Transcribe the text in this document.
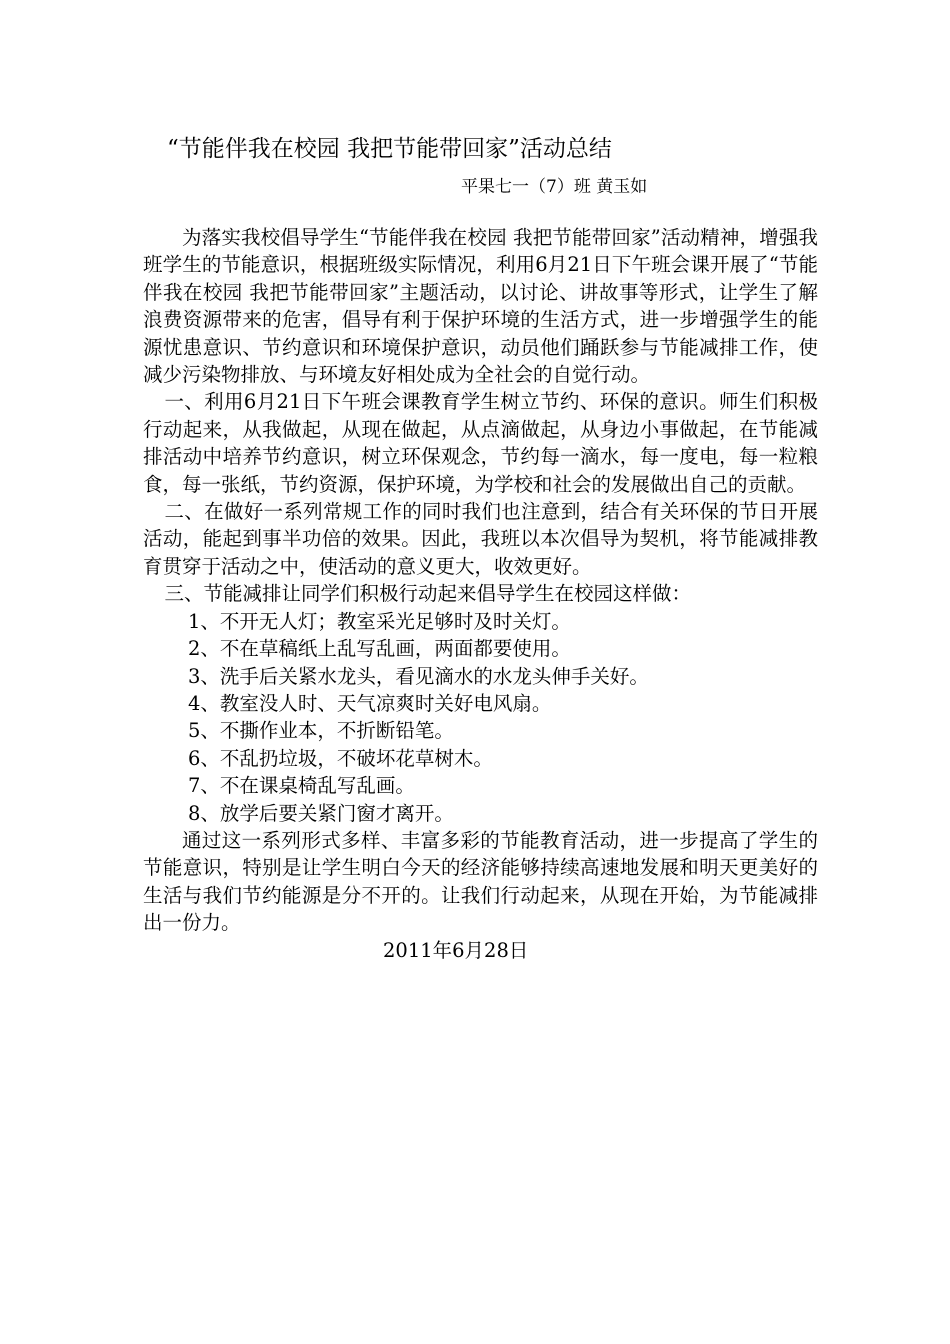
“节能伴我在校园 我把节能带回家”活动总结
平果七一（7）班 黄玉如

为落实我校倡导学生“节能伴我在校园 我把节能带回家”活动精神，增强我班学生的节能意识，根据班级实际情况，利用6月21日下午班会课开展了“节能伴我在校园 我把节能带回家”主题活动，以讨论、讲故事等形式，让学生了解浪费资源带来的危害，倡导有利于保护环境的生活方式，进一步增强学生的能源忧患意识、节约意识和环境保护意识，动员他们踊跃参与节能减排工作，使减少污染物排放、与环境友好相处成为全社会的自觉行动。

一、利用6月21日下午班会课教育学生树立节约、环保的意识。师生们积极行动起来，从我做起，从现在做起，从点滴做起，从身边小事做起，在节能减排活动中培养节约意识，树立环保观念，节约每一滴水，每一度电，每一粒粮食，每一张纸，节约资源，保护环境，为学校和社会的发展做出自己的贡献。

二、在做好一系列常规工作的同时我们也注意到，结合有关环保的节日开展活动，能起到事半功倍的效果。因此，我班以本次倡导为契机，将节能减排教育贯穿于活动之中，使活动的意义更大，收效更好。

三、节能减排让同学们积极行动起来倡导学生在校园这样做：

1、不开无人灯；教室采光足够时及时关灯。

2、不在草稿纸上乱写乱画，两面都要使用。

3、洗手后关紧水龙头，看见滴水的水龙头伸手关好。

4、教室没人时、天气凉爽时关好电风扇。

5、不撕作业本，不折断铅笔。

6、不乱扔垃圾，不破坏花草树木。

7、不在课桌椅乱写乱画。

8、放学后要关紧门窗才离开。

通过这一系列形式多样、丰富多彩的节能教育活动，进一步提高了学生的节能意识，特别是让学生明白今天的经济能够持续高速地发展和明天更美好的生活与我们节约能源是分不开的。让我们行动起来，从现在开始，为节能减排出一份力。

2011年6月28日
